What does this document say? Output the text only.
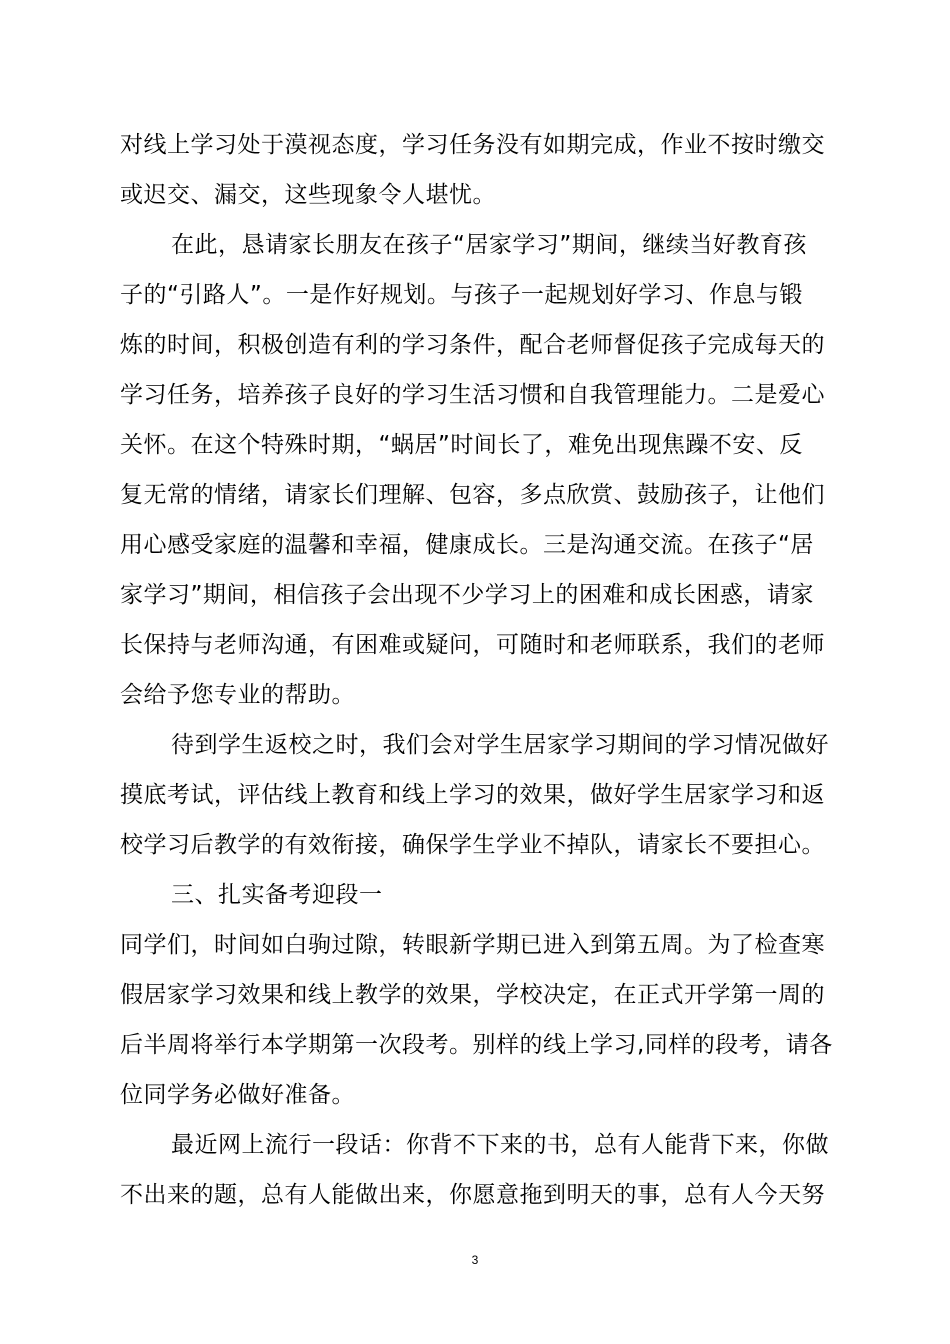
对线上学习处于漠视态度，学习任务没有如期完成，作业不按时缴交
或迟交、漏交，这些现象令人堪忧。
在此，恳请家长朋友在孩子“居家学习”期间，继续当好教育孩
子的“引路人”。一是作好规划。与孩子一起规划好学习、作息与锻
炼的时间，积极创造有利的学习条件，配合老师督促孩子完成每天的
学习任务，培养孩子良好的学习生活习惯和自我管理能力。二是爱心
关怀。在这个特殊时期，“蜗居”时间长了，难免出现焦躁不安、反
复无常的情绪，请家长们理解、包容，多点欣赏、鼓励孩子，让他们
用心感受家庭的温馨和幸福，健康成长。三是沟通交流。在孩子“居
家学习”期间，相信孩子会出现不少学习上的困难和成长困惑，请家
长保持与老师沟通，有困难或疑问，可随时和老师联系，我们的老师
会给予您专业的帮助。
待到学生返校之时，我们会对学生居家学习期间的学习情况做好
摸底考试，评估线上教育和线上学习的效果，做好学生居家学习和返
校学习后教学的有效衔接，确保学生学业不掉队，请家长不要担心。
三、扎实备考迎段一
同学们，时间如白驹过隙，转眼新学期已进入到第五周。为了检查寒
假居家学习效果和线上教学的效果，学校决定，在正式开学第一周的
后半周将举行本学期第一次段考。别样的线上学习,同样的段考，请各
位同学务必做好准备。
最近网上流行一段话：你背不下来的书，总有人能背下来，你做
不出来的题，总有人能做出来，你愿意拖到明天的事，总有人今天努
3
